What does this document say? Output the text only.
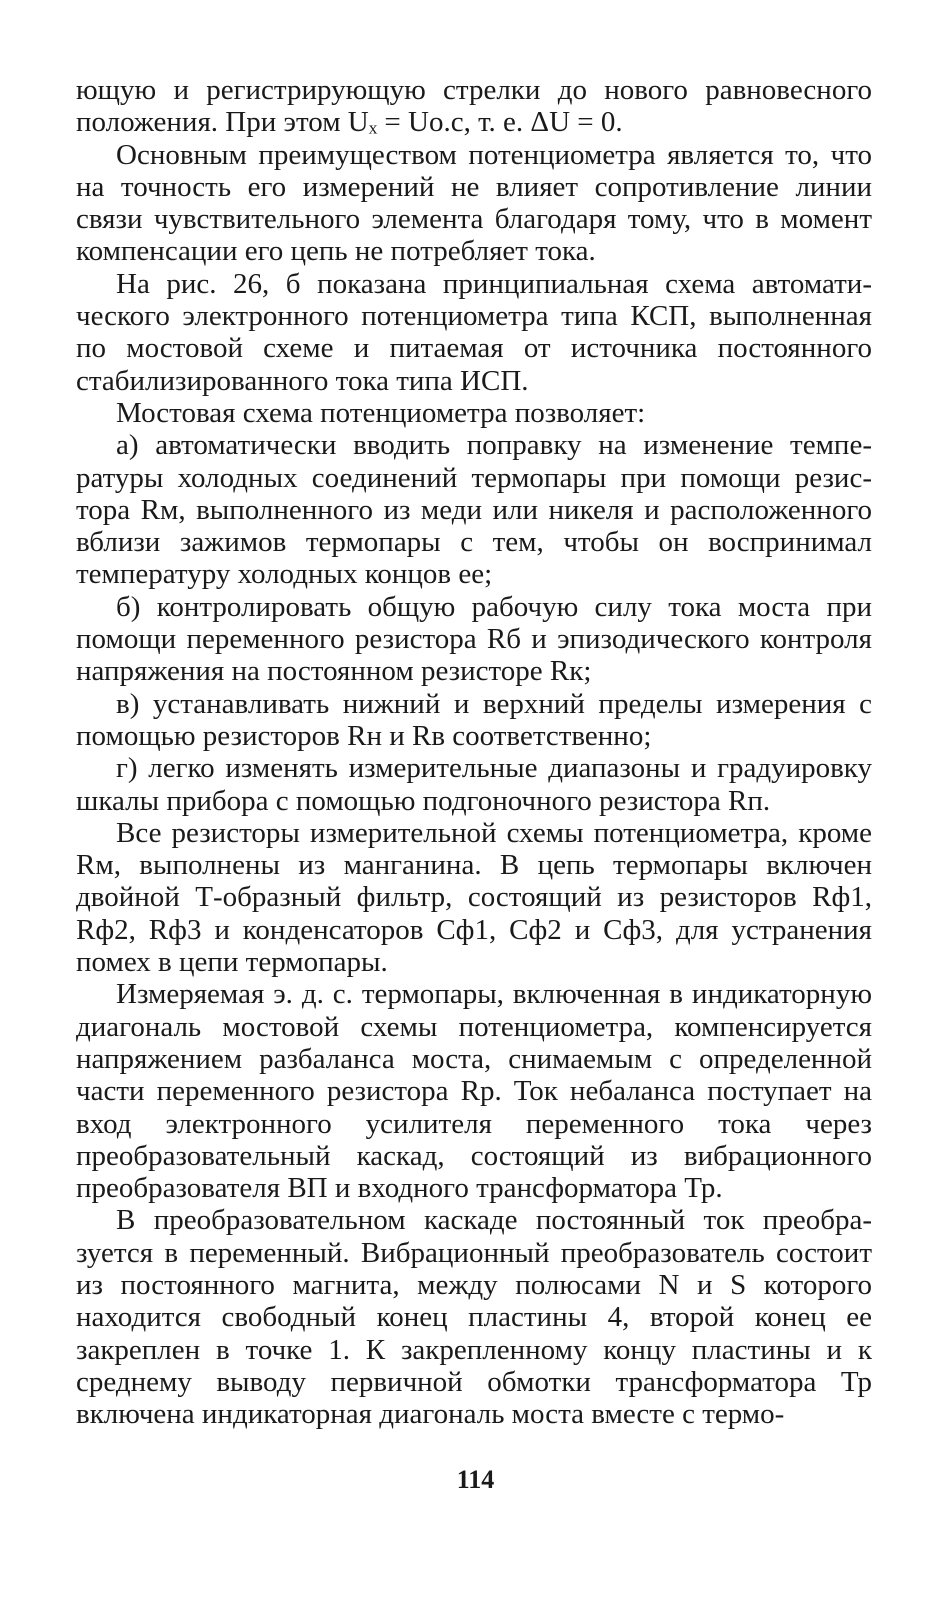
ющую и регистрирующую стрелки до нового равновесного положения. При этом Uₓ = Uо.с, т. е. ΔU = 0.

Основным преимуществом потенциометра является то, что на точность его измерений не влияет сопротивление линии связи чувствительного элемента благодаря тому, что в момент компенсации его цепь не потребляет тока.

На рис. 26, б показана принципиальная схема автоматического электронного потенциометра типа КСП, выполненная по мостовой схеме и питаемая от источника постоянного стабилизированного тока типа ИСП.

Мостовая схема потенциометра позволяет:

а) автоматически вводить поправку на изменение температуры холодных соединений термопары при помощи резистора Rм, выполненного из меди или никеля и расположенного вблизи зажимов термопары с тем, чтобы он воспринимал температуру холодных концов ее;

б) контролировать общую рабочую силу тока моста при помощи переменного резистора Rб и эпизодического контроля напряжения на постоянном резисторе Rк;

в) устанавливать нижний и верхний пределы измерения с помощью резисторов Rн и Rв соответственно;

г) легко изменять измерительные диапазоны и градуировку шкалы прибора с помощью подгоночного резистора Rп.

Все резисторы измерительной схемы потенциометра, кроме Rм, выполнены из манганина. В цепь термопары включен двойной Т-образный фильтр, состоящий из резисторов Rф1, Rф2, Rф3 и конденсаторов Сф1, Сф2 и Сф3, для устранения помех в цепи термопары.

Измеряемая э. д. с. термопары, включенная в индикаторную диагональ мостовой схемы потенциометра, компенсируется напряжением разбаланса моста, снимаемым с определенной части переменного резистора Rр. Ток небаланса поступает на вход электронного усилителя переменного тока через преобразовательный каскад, состоящий из вибрационного преобразователя ВП и входного трансформатора Тр.

В преобразовательном каскаде постоянный ток преобразуется в переменный. Вибрационный преобразователь состоит из постоянного магнита, между полюсами N и S которого находится свободный конец пластины 4, второй конец ее закреплен в точке 1. К закрепленному концу пластины и к среднему выводу первичной обмотки трансформатора Тр включена индикаторная диагональ моста вместе с термо-

114
